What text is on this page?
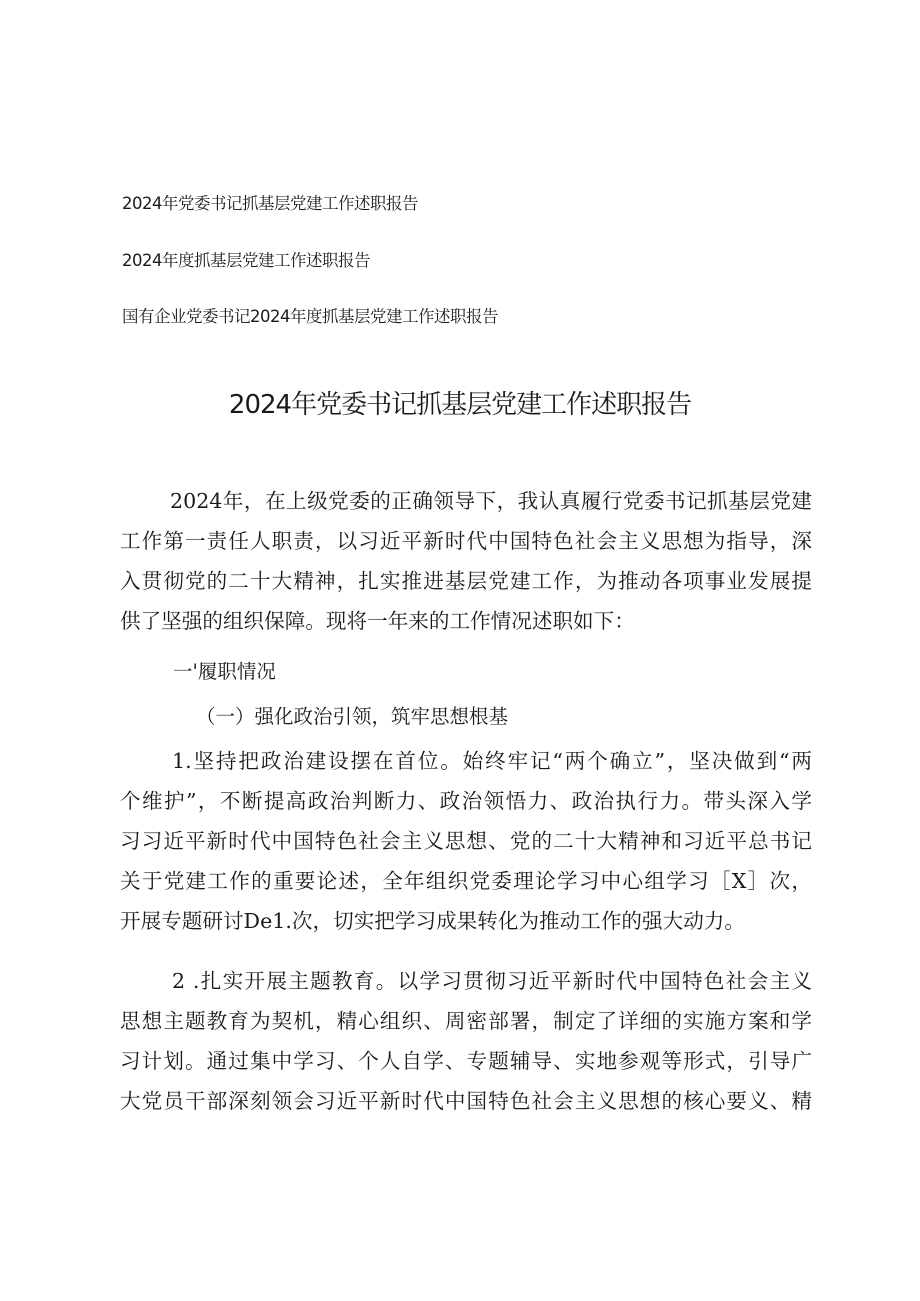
2024年党委书记抓基层党建工作述职报告
2024年度抓基层党建工作述职报告
国有企业党委书记2024年度抓基层党建工作述职报告
2024年党委书记抓基层党建工作述职报告
2024年，在上级党委的正确领导下，我认真履行党委书记抓基层党建
工作第一责任人职责，以习近平新时代中国特色社会主义思想为指导，深
入贯彻党的二十大精神，扎实推进基层党建工作，为推动各项事业发展提
供了坚强的组织保障。现将一年来的工作情况述职如下：
一'履职情况
（一）强化政治引领，筑牢思想根基
1.坚持把政治建设摆在首位。始终牢记“两个确立”，坚决做到“两
个维护”，不断提高政治判断力、政治领悟力、政治执行力。带头深入学
习习近平新时代中国特色社会主义思想、党的二十大精神和习近平总书记
关于党建工作的重要论述，全年组织党委理论学习中心组学习［X］次，
开展专题研讨De1.次，切实把学习成果转化为推动工作的强大动力。
2 .扎实开展主题教育。以学习贯彻习近平新时代中国特色社会主义
思想主题教育为契机，精心组织、周密部署，制定了详细的实施方案和学
习计划。通过集中学习、个人自学、专题辅导、实地参观等形式，引导广
大党员干部深刻领会习近平新时代中国特色社会主义思想的核心要义、精
